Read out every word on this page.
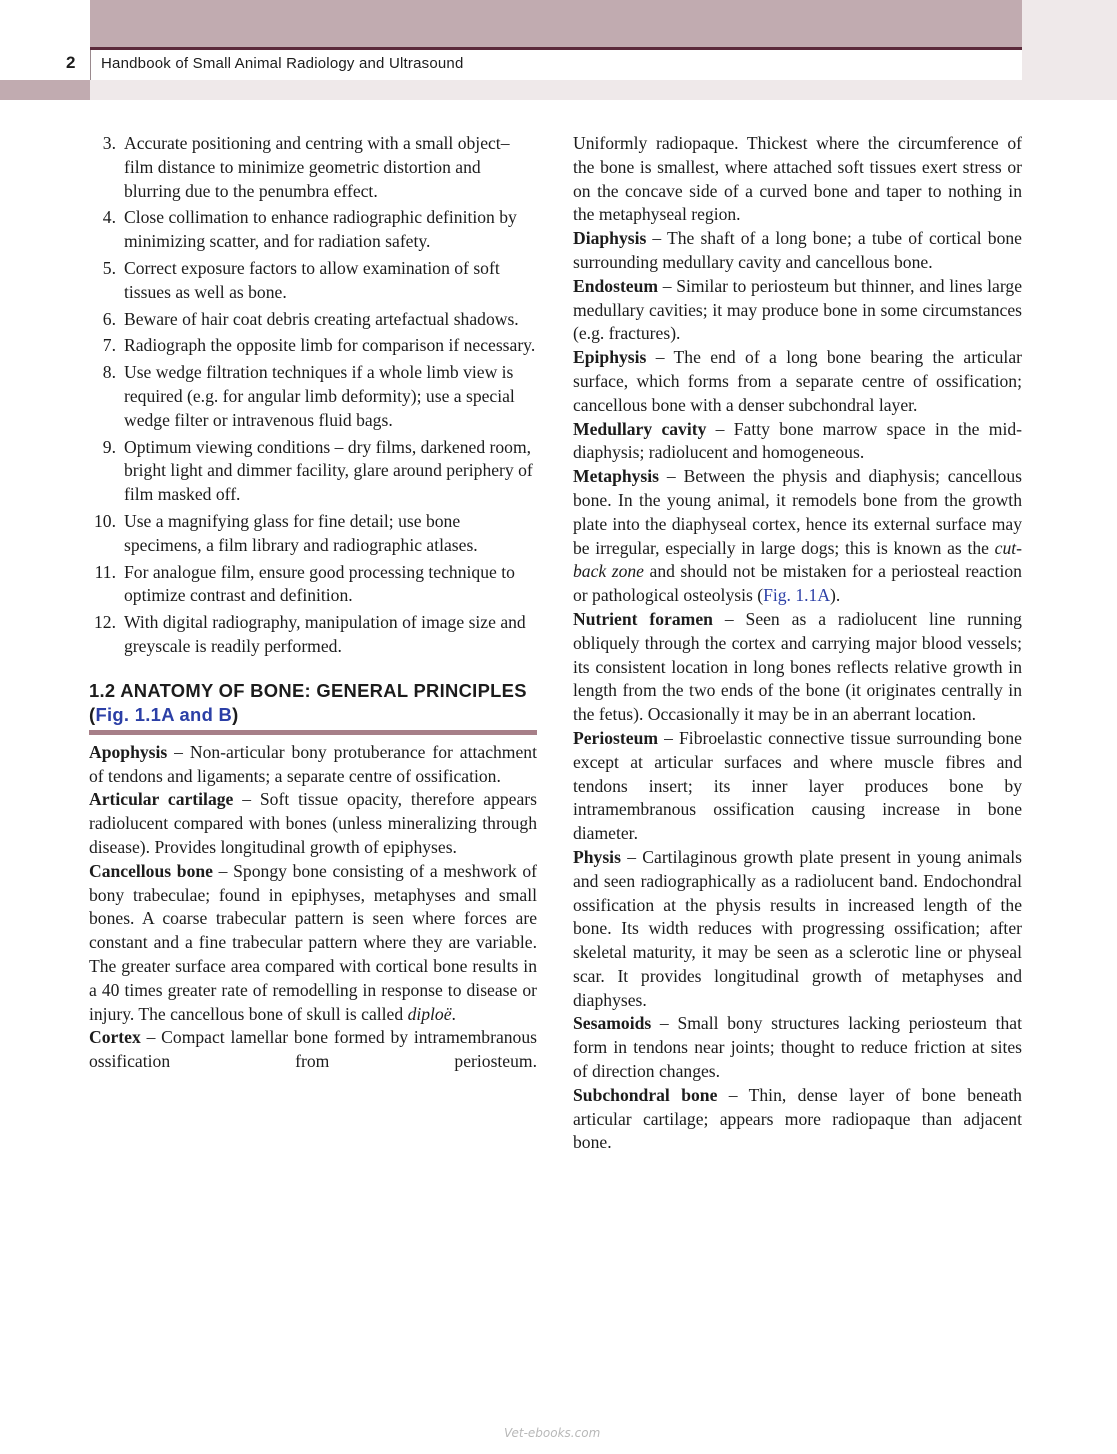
2 Handbook of Small Animal Radiology and Ultrasound
3. Accurate positioning and centring with a small object–film distance to minimize geometric distortion and blurring due to the penumbra effect.
4. Close collimation to enhance radiographic definition by minimizing scatter, and for radiation safety.
5. Correct exposure factors to allow examination of soft tissues as well as bone.
6. Beware of hair coat debris creating artefactual shadows.
7. Radiograph the opposite limb for comparison if necessary.
8. Use wedge filtration techniques if a whole limb view is required (e.g. for angular limb deformity); use a special wedge filter or intravenous fluid bags.
9. Optimum viewing conditions – dry films, darkened room, bright light and dimmer facility, glare around periphery of film masked off.
10. Use a magnifying glass for fine detail; use bone specimens, a film library and radiographic atlases.
11. For analogue film, ensure good processing technique to optimize contrast and definition.
12. With digital radiography, manipulation of image size and greyscale is readily performed.
1.2 ANATOMY OF BONE: GENERAL PRINCIPLES (Fig. 1.1A and B)

Apophysis – Non-articular bony protuberance for attachment of tendons and ligaments; a separate centre of ossification.

Articular cartilage – Soft tissue opacity, therefore appears radiolucent compared with bones (unless mineralizing through disease). Provides longitudinal growth of epiphyses.

Cancellous bone – Spongy bone consisting of a meshwork of bony trabeculae; found in epiphyses, metaphyses and small bones. A coarse trabecular pattern is seen where forces are constant and a fine trabecular pattern where they are variable. The greater surface area compared with cortical bone results in a 40 times greater rate of remodelling in response to disease or injury. The cancellous bone of skull is called diploë.

Cortex – Compact lamellar bone formed by intramembranous ossification from periosteum.

Uniformly radiopaque. Thickest where the circumference of the bone is smallest, where attached soft tissues exert stress or on the concave side of a curved bone and taper to nothing in the metaphyseal region.

Diaphysis – The shaft of a long bone; a tube of cortical bone surrounding medullary cavity and cancellous bone.

Endosteum – Similar to periosteum but thinner, and lines large medullary cavities; it may produce bone in some circumstances (e.g. fractures).

Epiphysis – The end of a long bone bearing the articular surface, which forms from a separate centre of ossification; cancellous bone with a denser subchondral layer.

Medullary cavity – Fatty bone marrow space in the mid-diaphysis; radiolucent and homogeneous.

Metaphysis – Between the physis and diaphysis; cancellous bone. In the young animal, it remodels bone from the growth plate into the diaphyseal cortex, hence its external surface may be irregular, especially in large dogs; this is known as the cut-back zone and should not be mistaken for a periosteal reaction or pathological osteolysis (Fig. 1.1A).

Nutrient foramen – Seen as a radiolucent line running obliquely through the cortex and carrying major blood vessels; its consistent location in long bones reflects relative growth in length from the two ends of the bone (it originates centrally in the fetus). Occasionally it may be in an aberrant location.

Periosteum – Fibroelastic connective tissue surrounding bone except at articular surfaces and where muscle fibres and tendons insert; its inner layer produces bone by intramembranous ossification causing increase in bone diameter.

Physis – Cartilaginous growth plate present in young animals and seen radiographically as a radiolucent band. Endochondral ossification at the physis results in increased length of the bone. Its width reduces with progressing ossification; after skeletal maturity, it may be seen as a sclerotic line or physeal scar. It provides longitudinal growth of metaphyses and diaphyses.

Sesamoids – Small bony structures lacking periosteum that form in tendons near joints; thought to reduce friction at sites of direction changes.

Subchondral bone – Thin, dense layer of bone beneath articular cartilage; appears more radiopaque than adjacent bone.

Vet-ebooks.com
